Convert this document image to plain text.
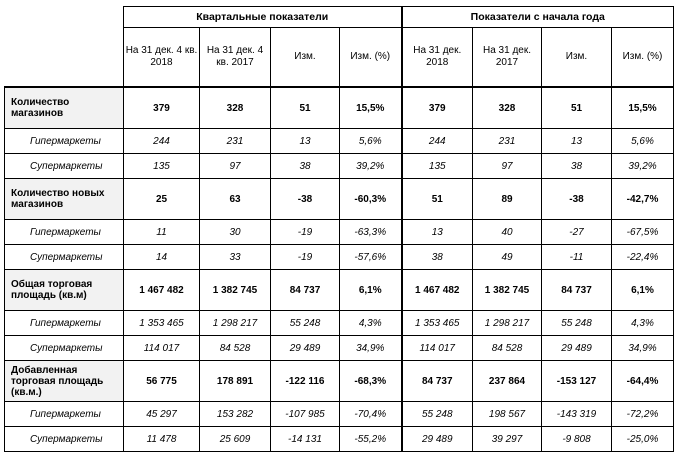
	Квартальные показатели				Показатели с начала года			
	На 31 дек. 4 кв. 2018	На 31 дек. 4 кв. 2017	Изм.	Изм. (%)	На 31 дек. 2018	На 31 дек. 2017	Изм.	Изм. (%)
Количество магазинов	379	328	51	15,5%	379	328	51	15,5%
Гипермаркеты	244	231	13	5,6%	244	231	13	5,6%
Супермаркеты	135	97	38	39,2%	135	97	38	39,2%
Количество новых магазинов	25	63	-38	-60,3%	51	89	-38	-42,7%
Гипермаркеты	11	30	-19	-63,3%	13	40	-27	-67,5%
Супермаркеты	14	33	-19	-57,6%	38	49	-11	-22,4%
Общая торговая площадь (кв.м)	1 467 482	1 382 745	84 737	6,1%	1 467 482	1 382 745	84 737	6,1%
Гипермаркеты	1 353 465	1 298 217	55 248	4,3%	1 353 465	1 298 217	55 248	4,3%
Супермаркеты	114 017	84 528	29 489	34,9%	114 017	84 528	29 489	34,9%
Добавленная торговая площадь (кв.м.)	56 775	178 891	-122 116	-68,3%	84 737	237 864	-153 127	-64,4%
Гипермаркеты	45 297	153 282	-107 985	-70,4%	55 248	198 567	-143 319	-72,2%
Супермаркеты	11 478	25 609	-14 131	-55,2%	29 489	39 297	-9 808	-25,0%
